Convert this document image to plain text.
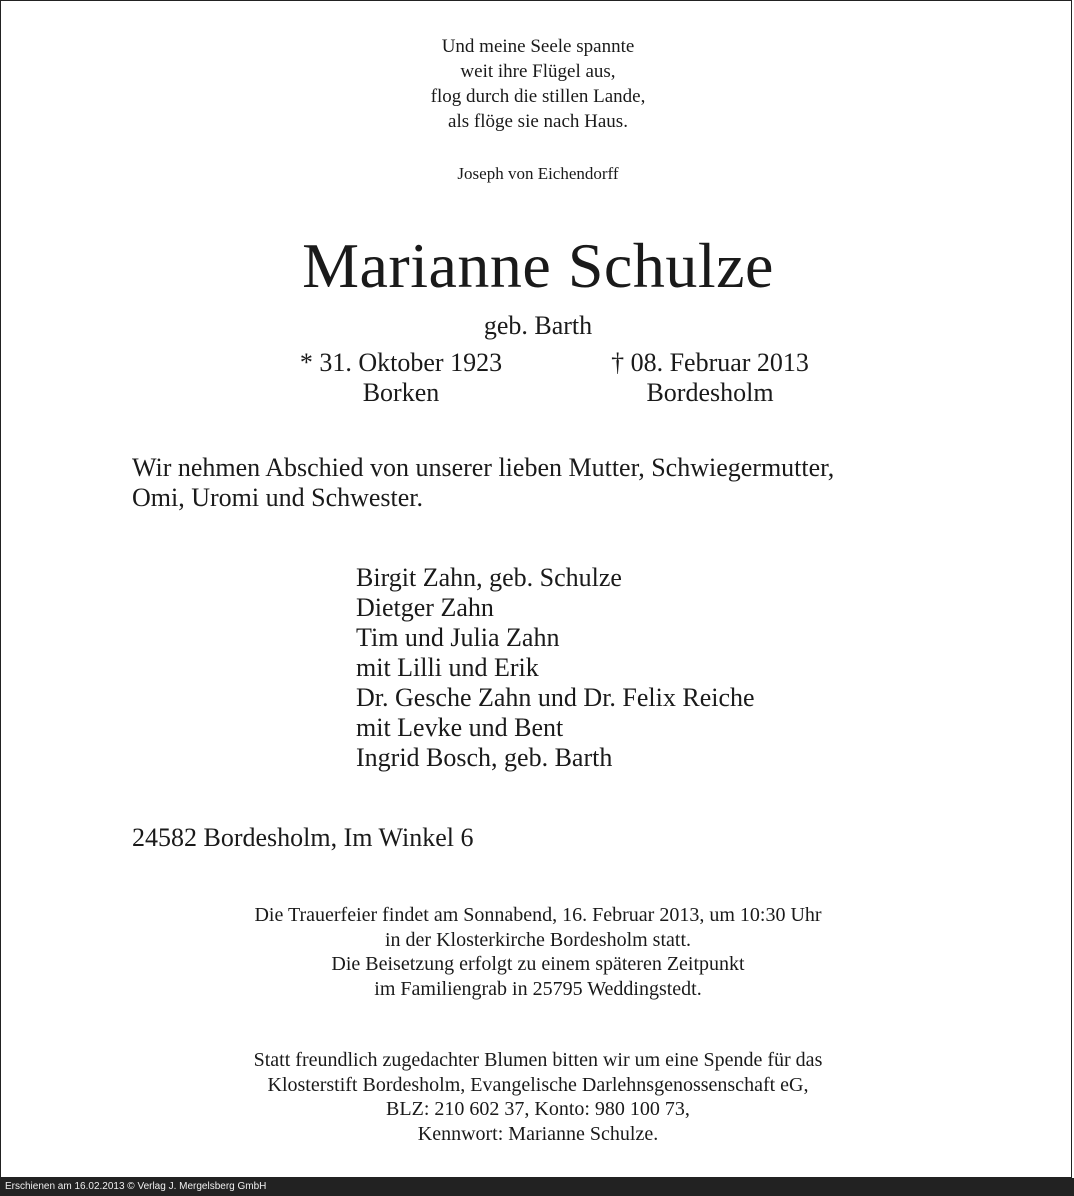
Und meine Seele spannte
weit ihre Flügel aus,
flog durch die stillen Lande,
als flöge sie nach Haus.
Joseph von Eichendorff
Marianne Schulze
geb. Barth
* 31. Oktober 1923
Borken
† 08. Februar 2013
Bordesholm
Wir nehmen Abschied von unserer lieben Mutter, Schwiegermutter,
Omi, Uromi und Schwester.
Birgit Zahn, geb. Schulze
Dietger Zahn
Tim und Julia Zahn
mit Lilli und Erik
Dr. Gesche Zahn und Dr. Felix Reiche
mit Levke und Bent
Ingrid Bosch, geb. Barth
24582 Bordesholm, Im Winkel 6
Die Trauerfeier findet am Sonnabend, 16. Februar 2013, um 10:30 Uhr
in der Klosterkirche Bordesholm statt.
Die Beisetzung erfolgt zu einem späteren Zeitpunkt
im Familiengrab in 25795 Weddingstedt.
Statt freundlich zugedachter Blumen bitten wir um eine Spende für das
Klosterstift Bordesholm, Evangelische Darlehnsgenossenschaft eG,
BLZ: 210 602 37, Konto: 980 100 73,
Kennwort: Marianne Schulze.
Erschienen am 16.02.2013 © Verlag J. Mergelsberg GmbH
